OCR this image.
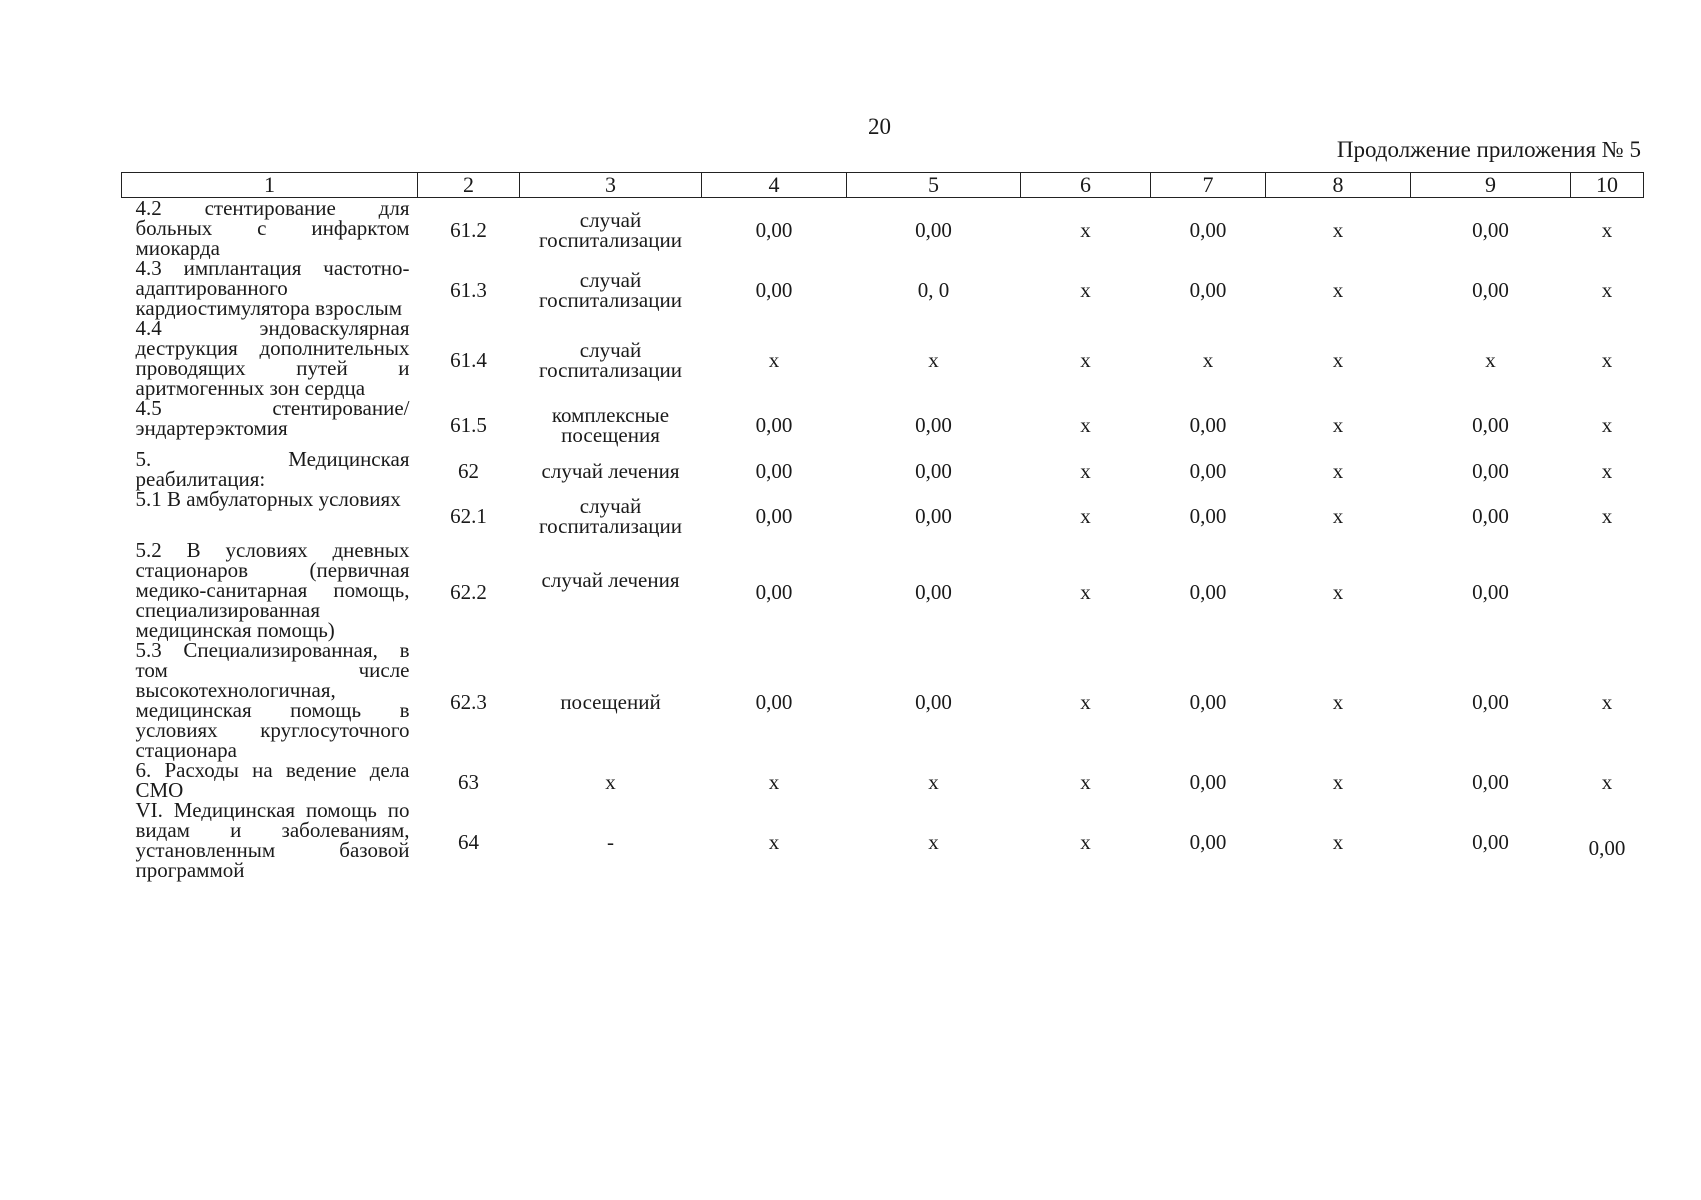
20
Продолжение приложения № 5
1	2	3	4	5	6	7	8	9	10
4.2 стентирование для больных с инфарктом миокарда	61.2	случай госпитализации	0,00	0,00	х	0,00	х	0,00	х
4.3 имплантация частотно-адаптированного кардиостимулятора взрослым	61.3	случай госпитализации	0,00	0, 0	х	0,00	х	0,00	х
4.4 эндоваскулярная деструкция дополнительных проводящих путей и аритмогенных зон сердца	61.4	случай госпитализации	х	х	х	х	х	х	х
4.5 стентирование/ эндартерэктомия	61.5	комплексные посещения	0,00	0,00	х	0,00	х	0,00	х
5. Медицинская реабилитация:	62	случай лечения	0,00	0,00	х	0,00	х	0,00	х
5.1 В амбулаторных условиях	62.1	случай госпитализации	0,00	0,00	х	0,00	х	0,00	х
5.2 В условиях дневных стационаров (первичная медико-санитарная помощь, специализированная медицинская помощь)	62.2	случай лечения	0,00	0,00	х	0,00	х	0,00	
5.3 Специализированная, в том числе высокотехнологичная, медицинская помощь в условиях круглосуточного стационара	62.3	посещений	0,00	0,00	х	0,00	х	0,00	х
6. Расходы на ведение дела СМО	63	х	х	х	х	0,00	х	0,00	х
VI. Медицинская помощь по видам и заболеваниям, установленным базовой программой	64	-	х	х	х	0,00	х	0,00	0,00
